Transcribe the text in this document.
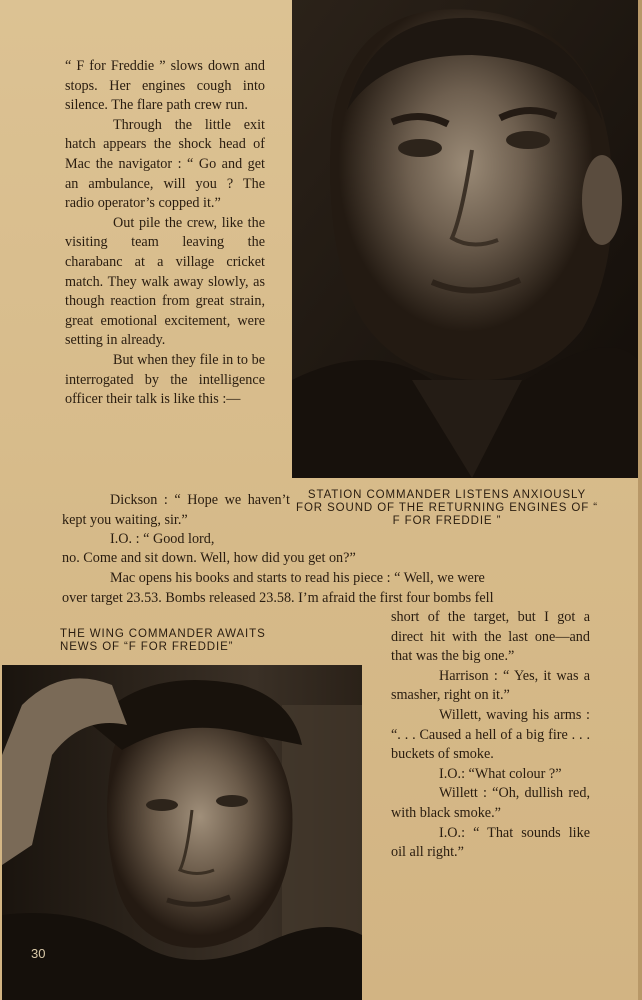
STATION COMMANDER LISTENS ANXIOUSLY FOR SOUND OF THE RETURNING ENGINES OF “ F FOR FREDDIE ”

“ F for Freddie ” slows down and stops. Her engines cough into silence. The flare path crew run.

Through the little exit hatch appears the shock head of Mac the navigator : “ Go and get an ambulance, will you ? The radio operator’s copped it.”

Out pile the crew, like the visiting team leaving the charabanc at a village cricket match. They walk away slowly, as though reaction from great strain, great emotional excitement, were setting in already.

But when they file in to be interrogated by the intelligence officer their talk is like this :—

Dickson : “ Hope we haven’t kept you waiting, sir.”

I.O. : “ Good lord,

no. Come and sit down. Well, how did you get on?”

Mac opens his books and starts to read his piece : “ Well, we were

over target 23.53. Bombs released 23.58. I’m afraid the first four bombs fell
THE WING COMMANDER AWAITS NEWS OF “F FOR FREDDIE”

short of the target, but I got a direct hit with the last one—and that was the big one.”

Harrison : “ Yes, it was a smasher, right on it.”

Willett, waving his arms : “. . . Caused a hell of a big fire . . . buckets of smoke.

I.O.: “What colour ?”

Willett : “Oh, dullish red, with black smoke.”

I.O.: “ That sounds like oil all right.”

30
